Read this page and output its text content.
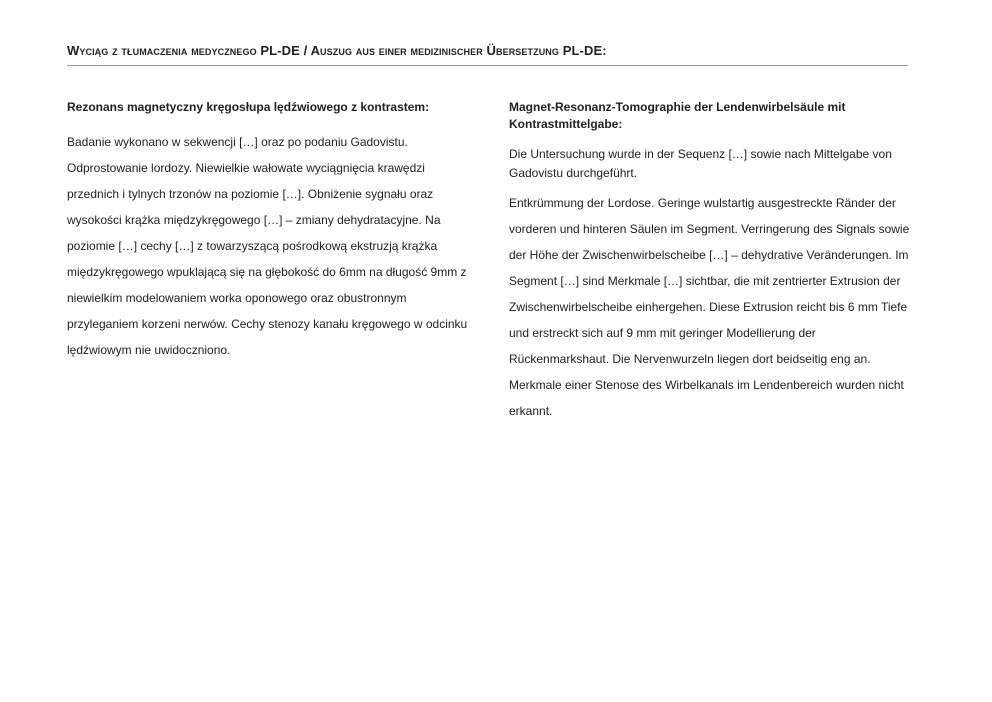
Wyciąg z tłumaczenia medycznego PL-DE / Auszug aus einer medizinischer Übersetzung PL-DE:
Rezonans magnetyczny kręgosłupa lędźwiowego z kontrastem:

Badanie wykonano w sekwencji […] oraz po podaniu Gadovistu. Odprostowanie lordozy. Niewielkie wałowate wyciągnięcia krawędzi przednich i tylnych trzonów na poziomie […]. Obniżenie sygnału oraz wysokości krążka międzykręgowego […] – zmiany dehydratacyjne. Na poziomie […] cechy […] z towarzyszącą pośrodkową ekstruzją krążka międzykręgowego wpuklającą się na głębokość do 6mm na długość 9mm z niewielkim modelowaniem worka oponowego oraz obustronnym przyleganiem korzeni nerwów. Cechy stenozy kanału kręgowego w odcinku lędźwiowym nie uwidoczniono.

Magnet-Resonanz-Tomographie der Lendenwirbelsäule mit Kontrastmittelgabe:

Die Untersuchung wurde in der Sequenz […] sowie nach Mittelgabe von Gadovistu durchgeführt.

Entkrümmung der Lordose. Geringe wulstartig ausgestreckte Ränder der vorderen und hinteren Säulen im Segment. Verringerung des Signals sowie der Höhe der Zwischenwirbelscheibe […] – dehydrative Veränderungen. Im Segment […] sind Merkmale […] sichtbar, die mit zentrierter Extrusion der Zwischenwirbelscheibe einhergehen. Diese Extrusion reicht bis 6 mm Tiefe und erstreckt sich auf 9 mm mit geringer Modellierung der Rückenmarkshaut. Die Nervenwurzeln liegen dort beidseitig eng an. Merkmale einer Stenose des Wirbelkanals im Lendenbereich wurden nicht erkannt.
